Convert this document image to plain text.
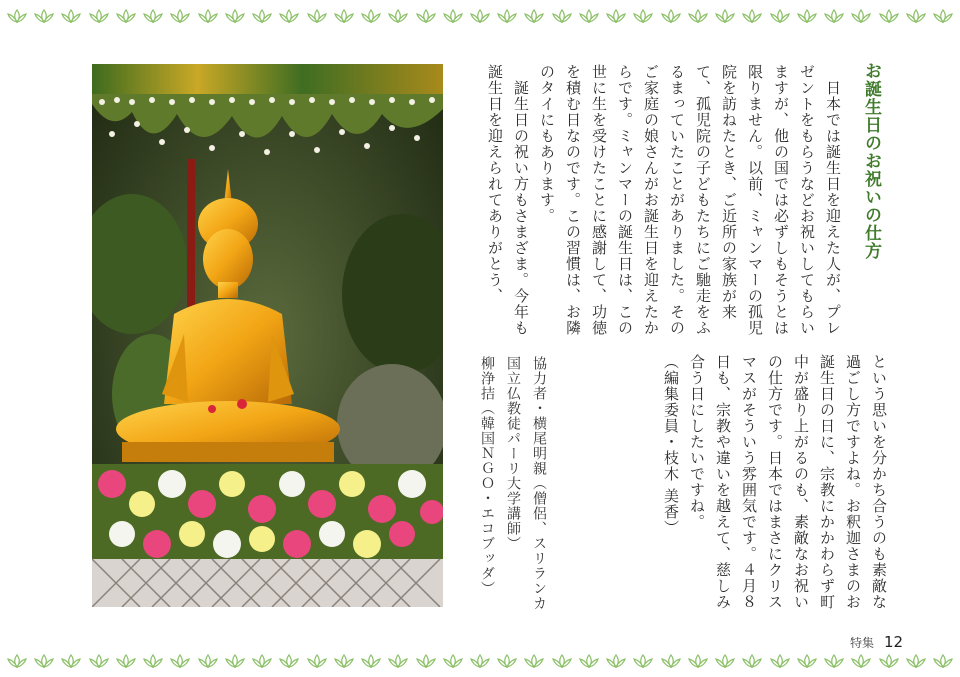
お誕生日のお祝いの仕方

　日本では誕生日を迎えた人が、プレゼントをもらうなどお祝いしてもらいますが、他の国では必ずしもそうとは限りません。以前、ミャンマーの孤児院を訪ねたとき、ご近所の家族が来て、孤児院の子どもたちにご馳走をふるまっていたことがありました。そのご家庭の娘さんがお誕生日を迎えたからです。ミャンマーの誕生日は、この世に生を受けたことに感謝して、功徳を積む日なのです。この習慣は、お隣のタイにもあります。
　誕生日の祝い方もさまざま。今年も誕生日を迎えられてありがとう、

という思いを分かち合うのも素敵な過ごし方ですよね。お釈迦さまのお誕生日の日に、宗教にかかわらず町中が盛り上がるのも、素敵なお祝いの仕方です。日本ではまさにクリスマスがそういう雰囲気です。４月８日も、宗教や違いを越えて、慈しみ合う日にしたいですね。
（編集委員・枝木 美香）

協力者・横尾明親（僧侶、スリランカ国立仏教徒パーリ大学講師）
柳浄拮（韓国ＮＧＯ・エコブッダ）

特集 12
